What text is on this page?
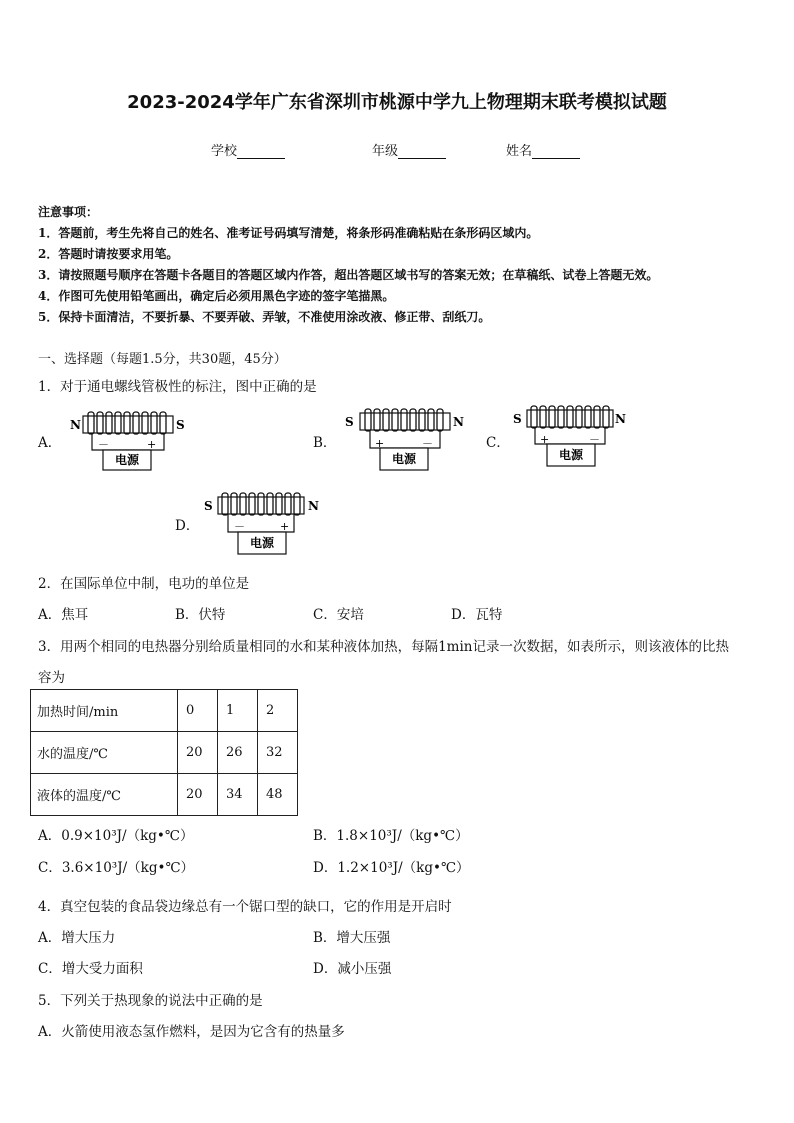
2023-2024学年广东省深圳市桃源中学九上物理期末联考模拟试题
学校	年级	姓名
注意事项：
1．答题前，考生先将自己的姓名、准考证号码填写清楚，将条形码准确粘贴在条形码区域内。
2．答题时请按要求用笔。
3．请按照题号顺序在答题卡各题目的答题区域内作答，超出答题区域书写的答案无效；在草稿纸、试卷上答题无效。
4．作图可先使用铅笔画出，确定后必须用黑色字迹的签字笔描黑。
5．保持卡面清洁，不要折暴、不要弄破、弄皱，不准使用涂改液、修正带、刮纸刀。
一、选择题（每题1.5分，共30题，45分）
1．对于通电螺线管极性的标注，图中正确的是
A．
N	S
电源
－	+	B．
S	N
电源
+	－	C．
S	N
电源
+	－
D．
S	N
电源
－	+
2．在国际单位中制，电功的单位是
A．焦耳	B．伏特	C．安培	D．瓦特
3．用两个相同的电热器分别给质量相同的水和某种液体加热，每隔1min记录一次数据，如表所示，则该液体的比热
容为
加热时间/min	0	1	2
水的温度/℃	20	26	32
液体的温度/℃	20	34	48
A．0.9×10³J/（kg•℃）	B．1.8×10³J/（kg•℃）
C．3.6×10³J/（kg•℃）	D．1.2×10³J/（kg•℃）
4．真空包装的食品袋边缘总有一个锯口型的缺口，它的作用是开启时
A．增大压力	B．增大压强
C．增大受力面积	D．减小压强
5．下列关于热现象的说法中正确的是
A．火箭使用液态氢作燃料，是因为它含有的热量多
